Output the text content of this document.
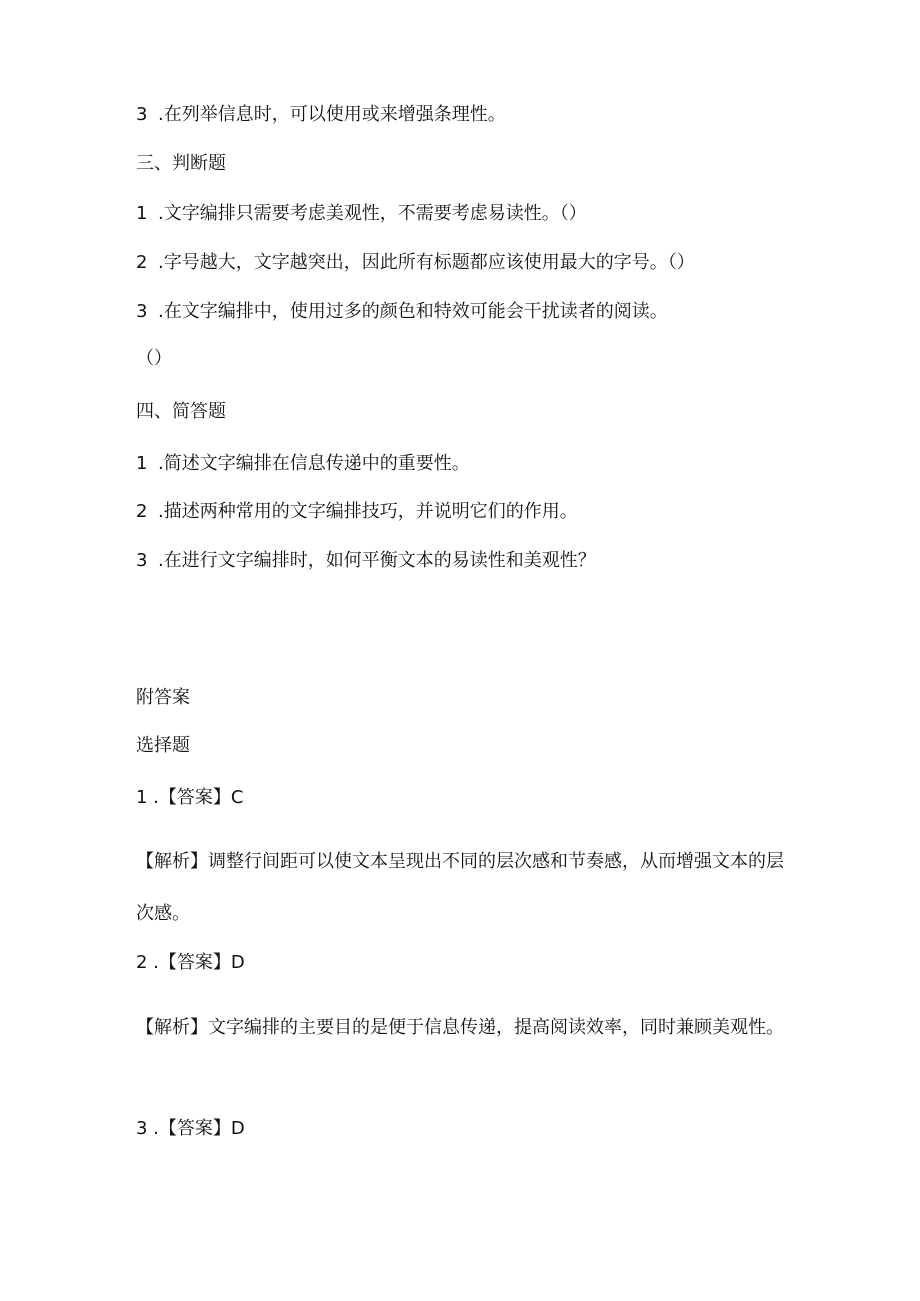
3 .在列举信息时，可以使用或来增强条理性。
三、判断题
1 .文字编排只需要考虑美观性，不需要考虑易读性。（）
2 .字号越大，文字越突出，因此所有标题都应该使用最大的字号。（）
3 .在文字编排中，使用过多的颜色和特效可能会干扰读者的阅读。
（）
四、简答题
1 .简述文字编排在信息传递中的重要性。
2 .描述两种常用的文字编排技巧，并说明它们的作用。
3 .在进行文字编排时，如何平衡文本的易读性和美观性？
附答案
选择题
1 .【答案】C
【解析】调整行间距可以使文本呈现出不同的层次感和节奏感，从而增强文本的层次感。
2 .【答案】D
【解析】文字编排的主要目的是便于信息传递，提高阅读效率，同时兼顾美观性。
3 .【答案】D
